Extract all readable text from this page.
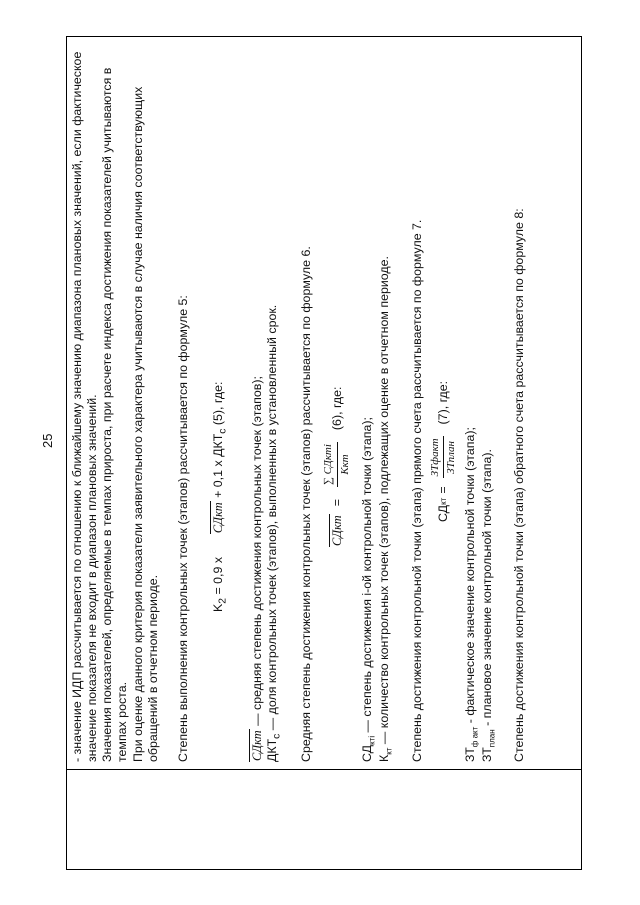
25 - значение ИДП рассчитывается по отношению к ближайшему значению диапазона плановых значений, если фактическое значение показателя не входит в диапазон плановых значений. Значения показателей, определяемые в темпах прироста, при расчете индекса достижения показателей учитываются в темпах роста. При оценке данного критерия показатели заявительного характера учитываются в случае наличия соответствующих обращений в отчетном периоде. Степень выполнения контрольных точек (этапов) рассчитывается по формуле 5: $K_2 = 0,9$ x  СДкт + 0,1 x $ДКТ_с$ (5), где:

СДкт — средняя степень достижения контрольных точек (этапов);

$ДКТ_с$ — доля контрольных точек (этапов), выполненных в установленный срок.	Средняя степень достижения контрольных точек (этапов) рассчитывается по формуле 6. СДкт
=
∑ СДкті Ккт
(6), где:

$СД_{кті}$ — степень достижения i-ой контрольной точки (этапа);

$К_{кт}$ — количество контрольных точек (этапов), подлежащих оценке в отчетном периоде. Степень достижения контрольной точки (этапа) прямого счета рассчитывается по формуле 7. СД
кт
=
ЗТфакт ЗТплан
(7), где:

$ЗТ_{ф акт}$ - фактическое значение контрольной точки (этапа);

$ЗТ_{план}$ - плановое значение контрольной точки (этапа). Степень достижения контрольной точки (этапа) обратного счета рассчитывается по формуле 8:
